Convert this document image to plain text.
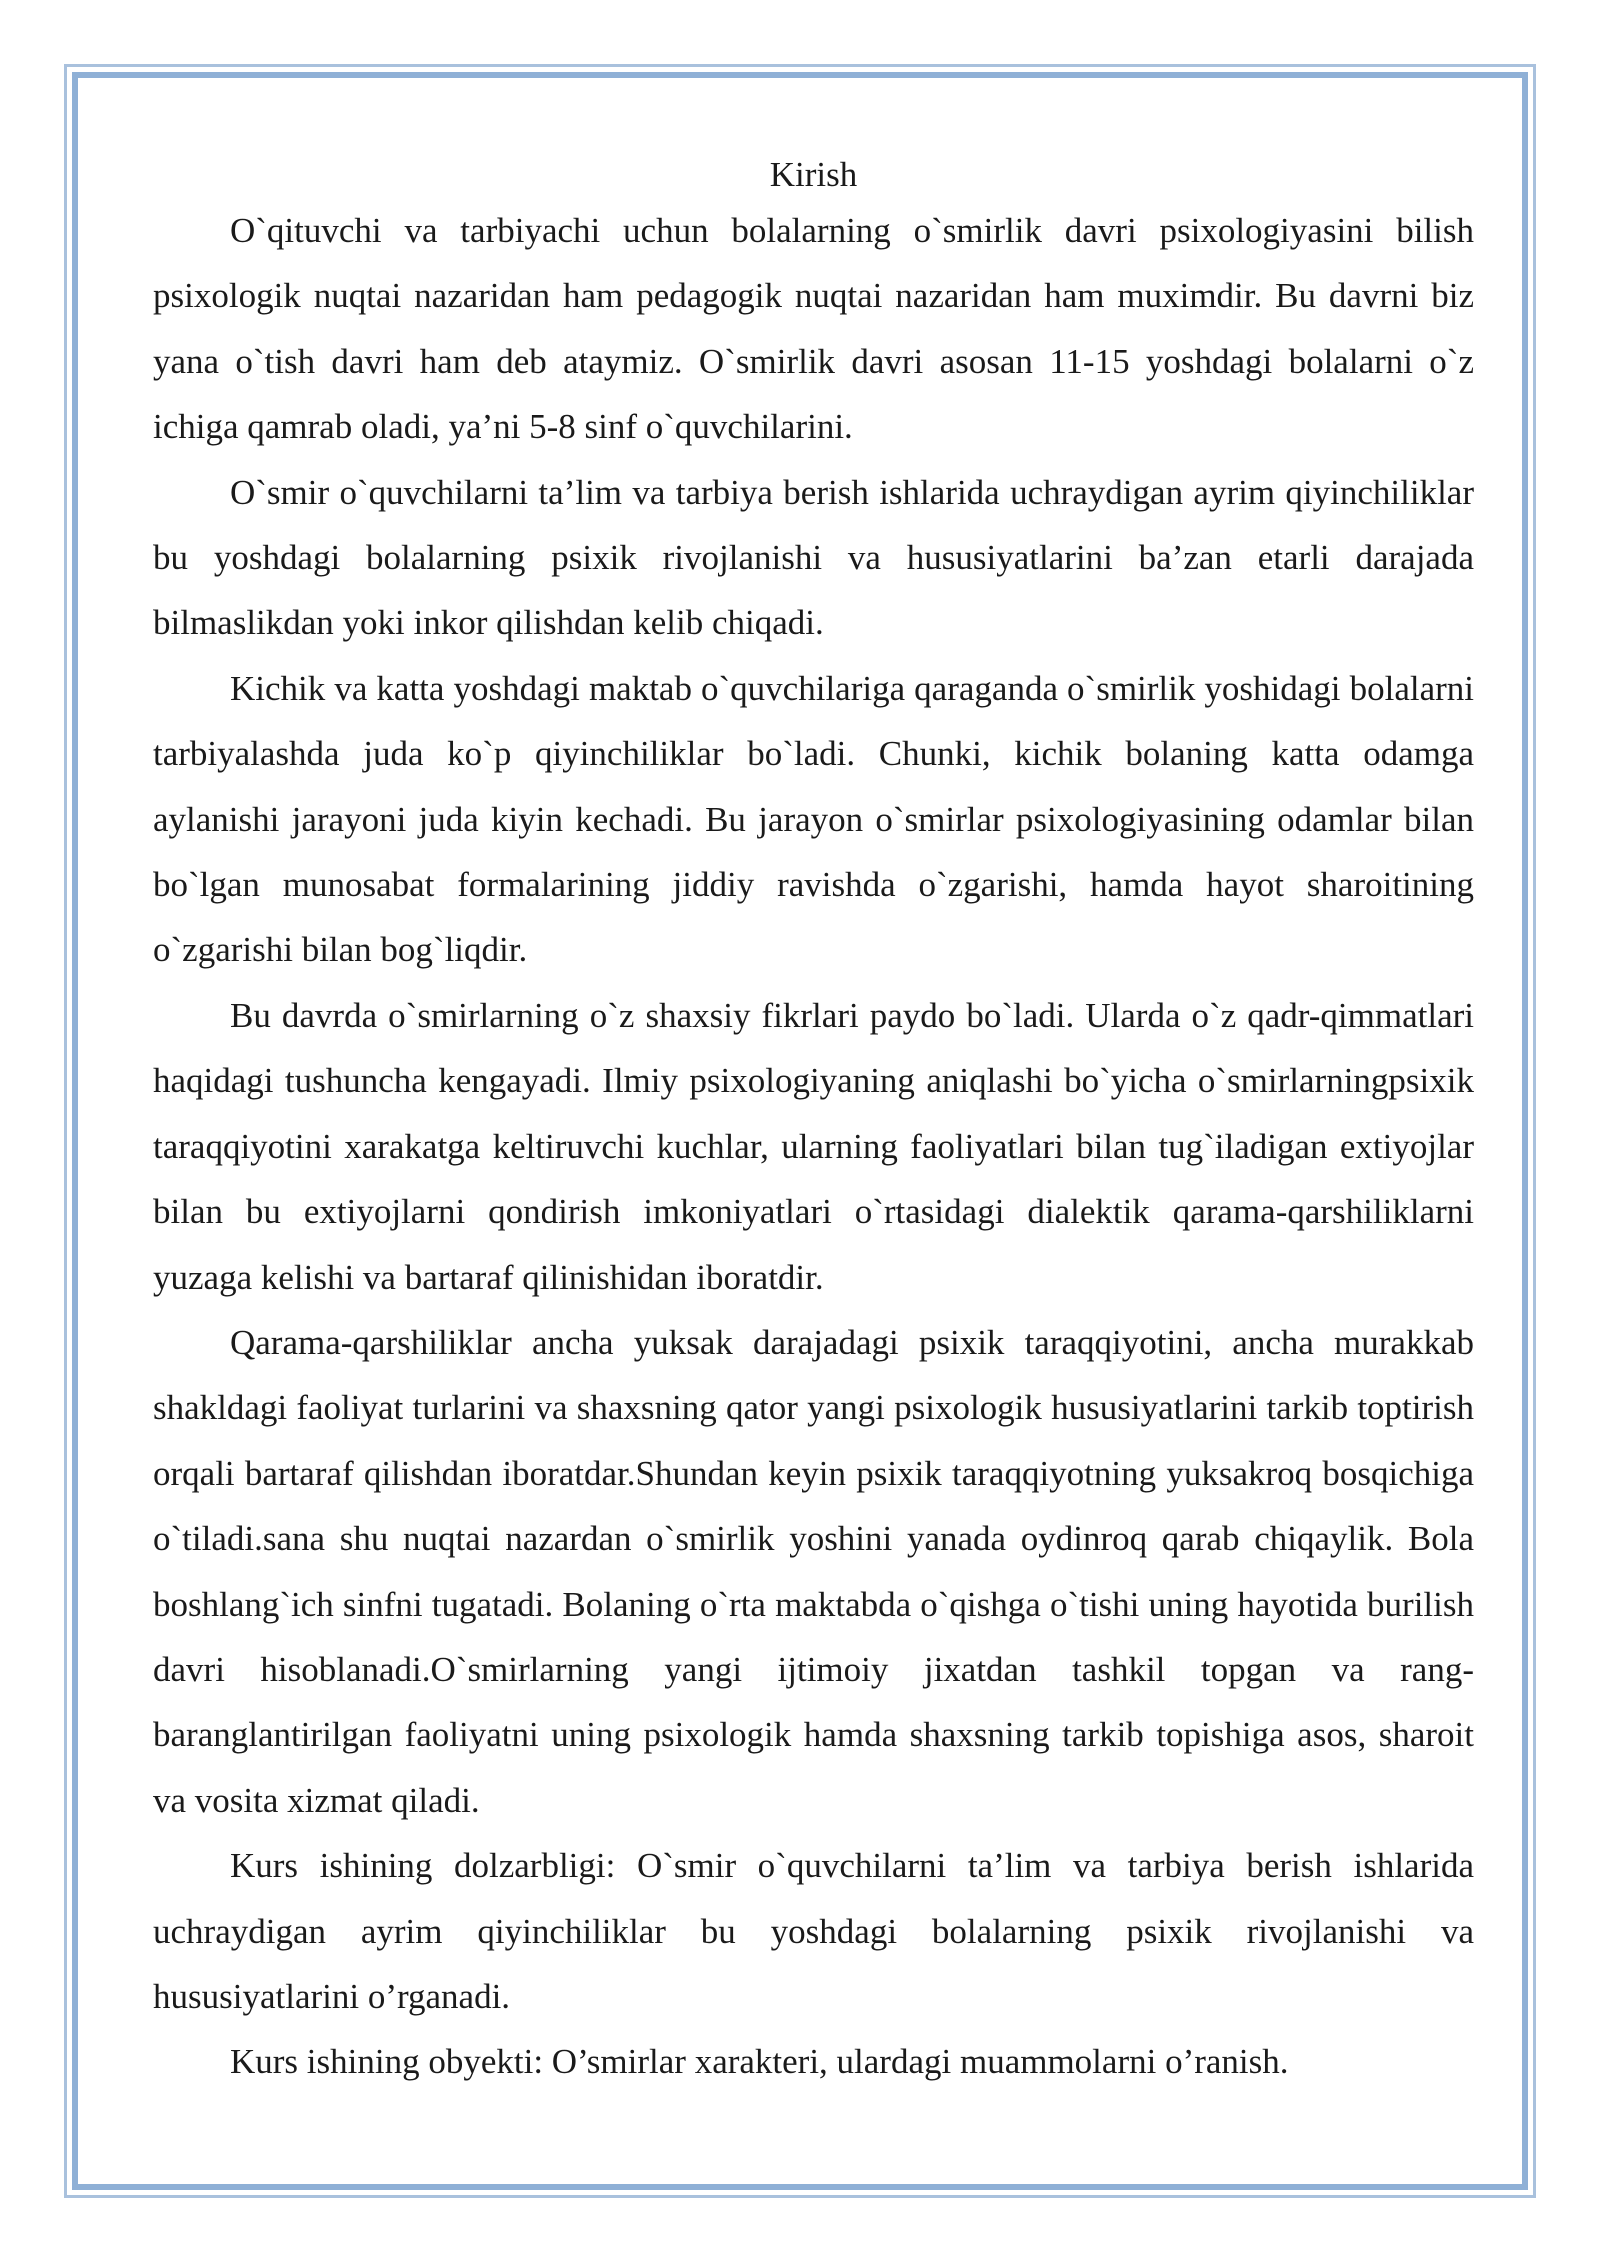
Kirish

O`qituvchi va tarbiyachi uchun bolalarning o`smirlik davri psixologiyasini bilish psixologik nuqtai nazaridan ham pedagogik nuqtai nazaridan ham muximdir. Bu davrni biz yana o`tish davri ham deb ataymiz. O`smirlik davri asosan 11-15 yoshdagi bolalarni o`z ichiga qamrab oladi, ya’ni 5-8 sinf o`quvchilarini.

O`smir o`quvchilarni ta’lim va tarbiya berish ishlarida uchraydigan ayrim qiyinchiliklar bu yoshdagi bolalarning psixik rivojlanishi va hususiyatlarini ba’zan etarli darajada bilmaslikdan yoki inkor qilishdan kelib chiqadi.

Kichik va katta yoshdagi maktab o`quvchilariga qaraganda o`smirlik yoshidagi bolalarni tarbiyalashda juda ko`p qiyinchiliklar bo`ladi. Chunki, kichik bolaning katta odamga aylanishi jarayoni juda kiyin kechadi. Bu jarayon o`smirlar psixologiyasining odamlar bilan bo`lgan munosabat formalarining jiddiy ravishda o`zgarishi, hamda hayot sharoitining o`zgarishi bilan bog`liqdir.

Bu davrda o`smirlarning o`z shaxsiy fikrlari paydo bo`ladi. Ularda o`z qadr-qimmatlari haqidagi tushuncha kengayadi. Ilmiy psixologiyaning aniqlashi bo`yicha o`smirlarningpsixik taraqqiyotini xarakatga keltiruvchi kuchlar, ularning faoliyatlari bilan tug`iladigan extiyojlar bilan bu extiyojlarni qondirish imkoniyatlari o`rtasidagi dialektik qarama-qarshiliklarni yuzaga kelishi va bartaraf qilinishidan iboratdir.

Qarama-qarshiliklar ancha yuksak darajadagi psixik taraqqiyotini, ancha murakkab shakldagi faoliyat turlarini va shaxsning qator yangi psixologik hususiyatlarini tarkib toptirish orqali bartaraf qilishdan iboratdar.Shundan keyin psixik taraqqiyotning yuksakroq bosqichiga o`tiladi.sana shu nuqtai nazardan o`smirlik yoshini yanada oydinroq qarab chiqaylik. Bola boshlang`ich sinfni tugatadi. Bolaning o`rta maktabda o`qishga o`tishi uning hayotida burilish davri hisoblanadi.O`smirlarning yangi ijtimoiy jixatdan tashkil topgan va rang-baranglantirilgan faoliyatni uning psixologik hamda shaxsning tarkib topishiga asos, sharoit va vosita xizmat qiladi.

Kurs ishining dolzarbligi: O`smir o`quvchilarni ta’lim va tarbiya berish ishlarida uchraydigan ayrim qiyinchiliklar bu yoshdagi bolalarning psixik rivojlanishi va hususiyatlarini o’rganadi.

Kurs ishining obyekti: O’smirlar xarakteri, ulardagi muammolarni o’ranish.
